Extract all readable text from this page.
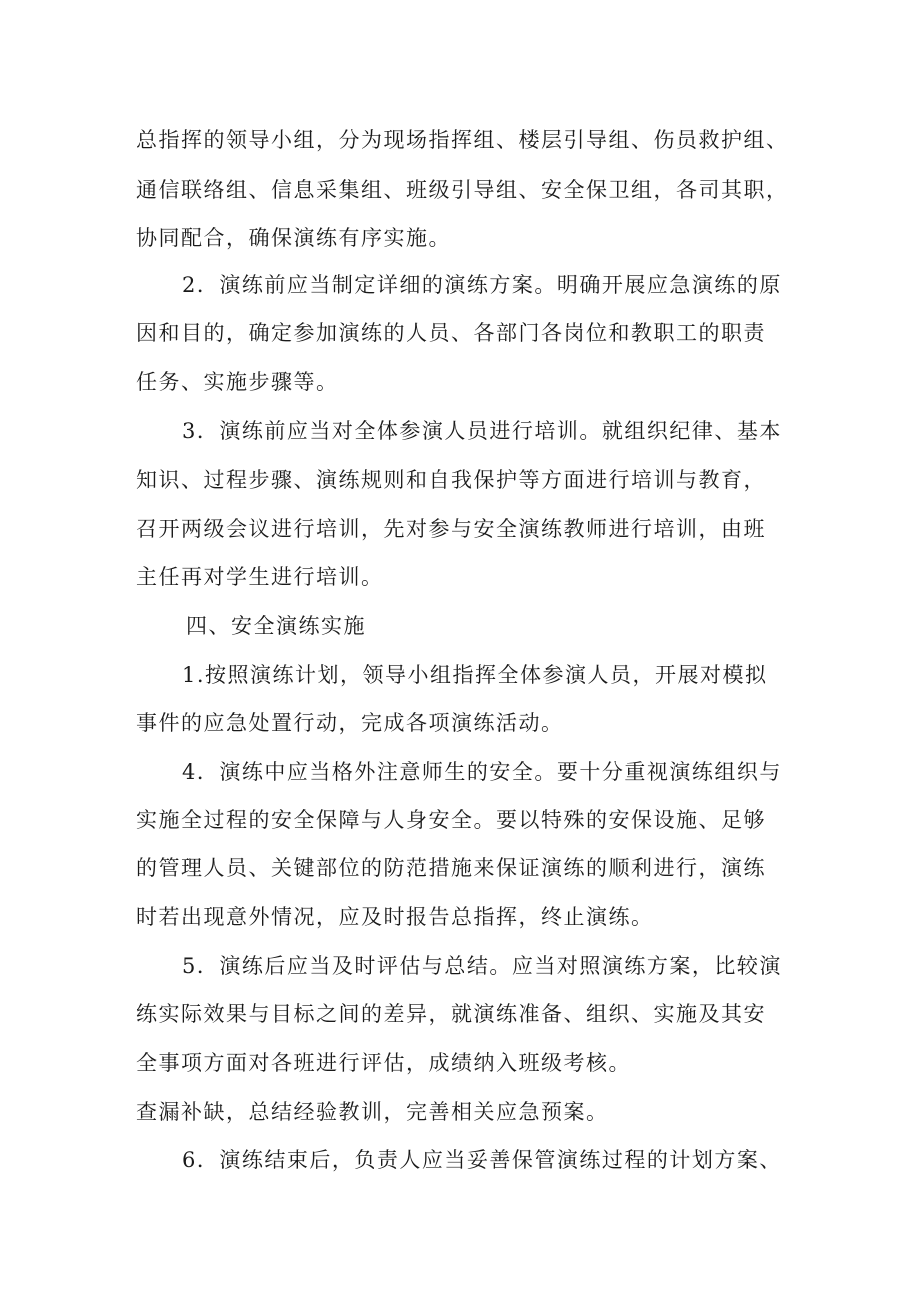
总指挥的领导小组，分为现场指挥组、楼层引导组、伤员救护组、
通信联络组、信息采集组、班级引导组、安全保卫组，各司其职，
协同配合，确保演练有序实施。
2．演练前应当制定详细的演练方案。明确开展应急演练的原
因和目的，确定参加演练的人员、各部门各岗位和教职工的职责
任务、实施步骤等。
3．演练前应当对全体参演人员进行培训。就组织纪律、基本
知识、过程步骤、演练规则和自我保护等方面进行培训与教育，
召开两级会议进行培训，先对参与安全演练教师进行培训，由班
主任再对学生进行培训。
四、安全演练实施
1.按照演练计划，领导小组指挥全体参演人员，开展对模拟
事件的应急处置行动，完成各项演练活动。
4．演练中应当格外注意师生的安全。要十分重视演练组织与
实施全过程的安全保障与人身安全。要以特殊的安保设施、足够
的管理人员、关键部位的防范措施来保证演练的顺利进行，演练
时若出现意外情况，应及时报告总指挥，终止演练。
5．演练后应当及时评估与总结。应当对照演练方案，比较演
练实际效果与目标之间的差异，就演练准备、组织、实施及其安
全事项方面对各班进行评估，成绩纳入班级考核。
查漏补缺，总结经验教训，完善相关应急预案。
6．演练结束后，负责人应当妥善保管演练过程的计划方案、
